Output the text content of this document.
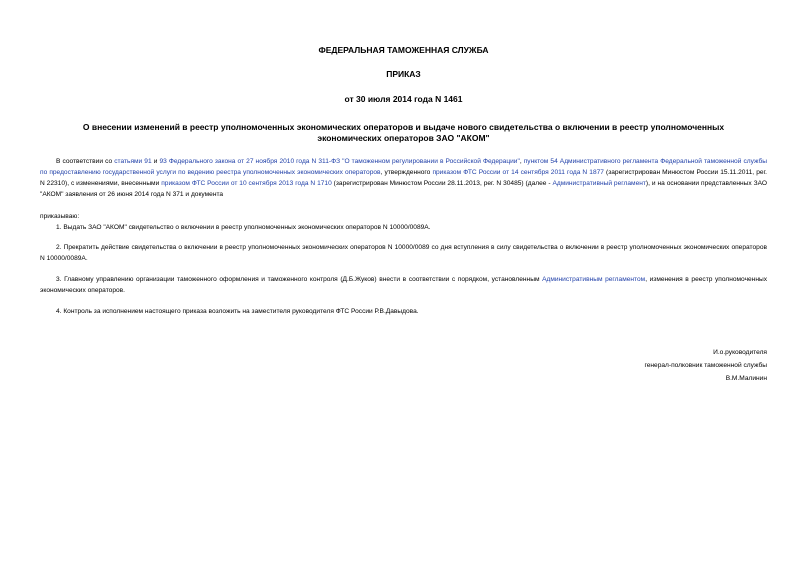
ФЕДЕРАЛЬНАЯ ТАМОЖЕННАЯ СЛУЖБА
ПРИКАЗ
от 30 июля 2014 года N 1461
О внесении изменений в реестр уполномоченных экономических операторов и выдаче нового свидетельства о включении в реестр уполномоченных экономических операторов ЗАО "АКОМ"
В соответствии со статьями 91 и 93 Федерального закона от 27 ноября 2010 года N 311-ФЗ "О таможенном регулировании в Российской Федерации", пунктом 54 Административного регламента Федеральной таможенной службы по предоставлению государственной услуги по ведению реестра уполномоченных экономических операторов, утвержденного приказом ФТС России от 14 сентября 2011 года N 1877 (зарегистрирован Минюстом России 15.11.2011, рег. N 22310), с изменениями, внесенными приказом ФТС России от 10 сентября 2013 года N 1710 (зарегистрирован Минюстом России 28.11.2013, рег. N 30485) (далее - Административный регламент), и на основании представленных ЗАО "АКОМ" заявления от 26 июня 2014 года N 371 и документа
приказываю:
1. Выдать ЗАО "АКОМ" свидетельство о включении в реестр уполномоченных экономических операторов N 10000/0089А.
2. Прекратить действие свидетельства о включении в реестр уполномоченных экономических операторов N 10000/0089 со дня вступления в силу свидетельства о включении в реестр уполномоченных экономических операторов N 10000/0089А.
3. Главному управлению организации таможенного оформления и таможенного контроля (Д.Б.Жуков) внести в соответствии с порядком, установленным Административным регламентом, изменения в реестр уполномоченных экономических операторов.
4. Контроль за исполнением настоящего приказа возложить на заместителя руководителя ФТС России Р.В.Давыдова.
И.о.руководителя
генерал-полковник таможенной службы
В.М.Малинин
